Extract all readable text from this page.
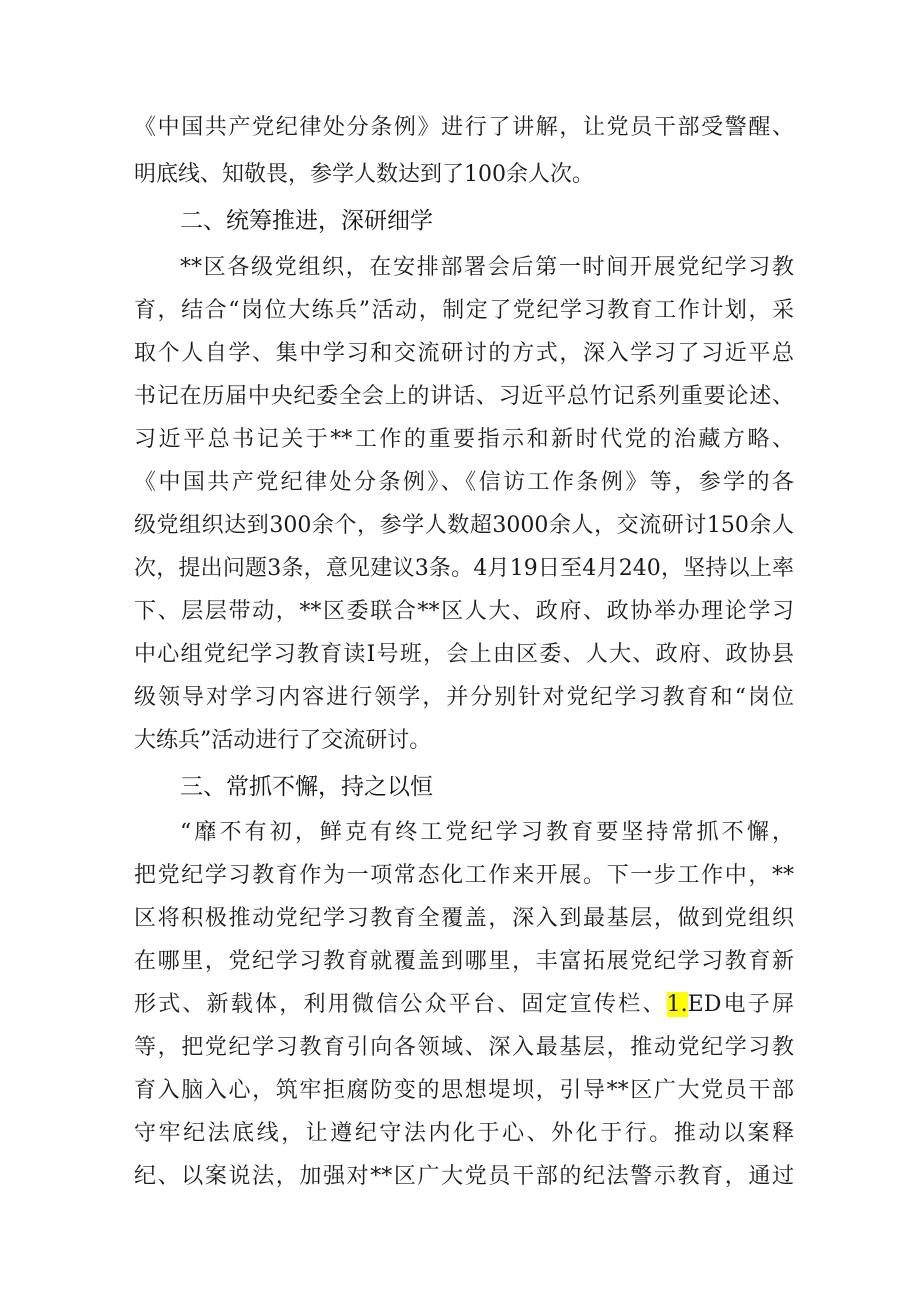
《中国共产党纪律处分条例》进行了讲解，让党员干部受警醒、
明底线、知敬畏，参学人数达到了100余人次。
二、统筹推进，深研细学
**区各级党组织，在安排部署会后第一时间开展党纪学习教
育，结合“岗位大练兵”活动，制定了党纪学习教育工作计划，采
取个人自学、集中学习和交流研讨的方式，深入学习了习近平总
书记在历届中央纪委全会上的讲话、习近平总竹记系列重要论述、
习近平总书记关于**工作的重要指示和新时代党的治藏方略、
《中国共产党纪律处分条例》、《信访工作条例》等，参学的各
级党组织达到300余个，参学人数超3000余人，交流研讨150余人
次，提出问题3条，意见建议3条。4月19日至4月240，坚持以上率
下、层层带动，**区委联合**区人大、政府、政协举办理论学习
中心组党纪学习教育读I号班，会上由区委、人大、政府、政协县
级领导对学习内容进行领学，并分别针对党纪学习教育和“岗位
大练兵”活动进行了交流研讨。
三、常抓不懈，持之以恒
“靡不有初，鲜克有终工党纪学习教育要坚持常抓不懈，
把党纪学习教育作为一项常态化工作来开展。下一步工作中，**
区将积极推动党纪学习教育全覆盖，深入到最基层，做到党组织
在哪里，党纪学习教育就覆盖到哪里，丰富拓展党纪学习教育新
形式、新载体，利用微信公众平台、固定宣传栏、1.ED电子屏
等，把党纪学习教育引向各领域、深入最基层，推动党纪学习教
育入脑入心，筑牢拒腐防变的思想堤坝，引导**区广大党员干部
守牢纪法底线，让遵纪守法内化于心、外化于行。推动以案释
纪、以案说法，加强对**区广大党员干部的纪法警示教育，通过
